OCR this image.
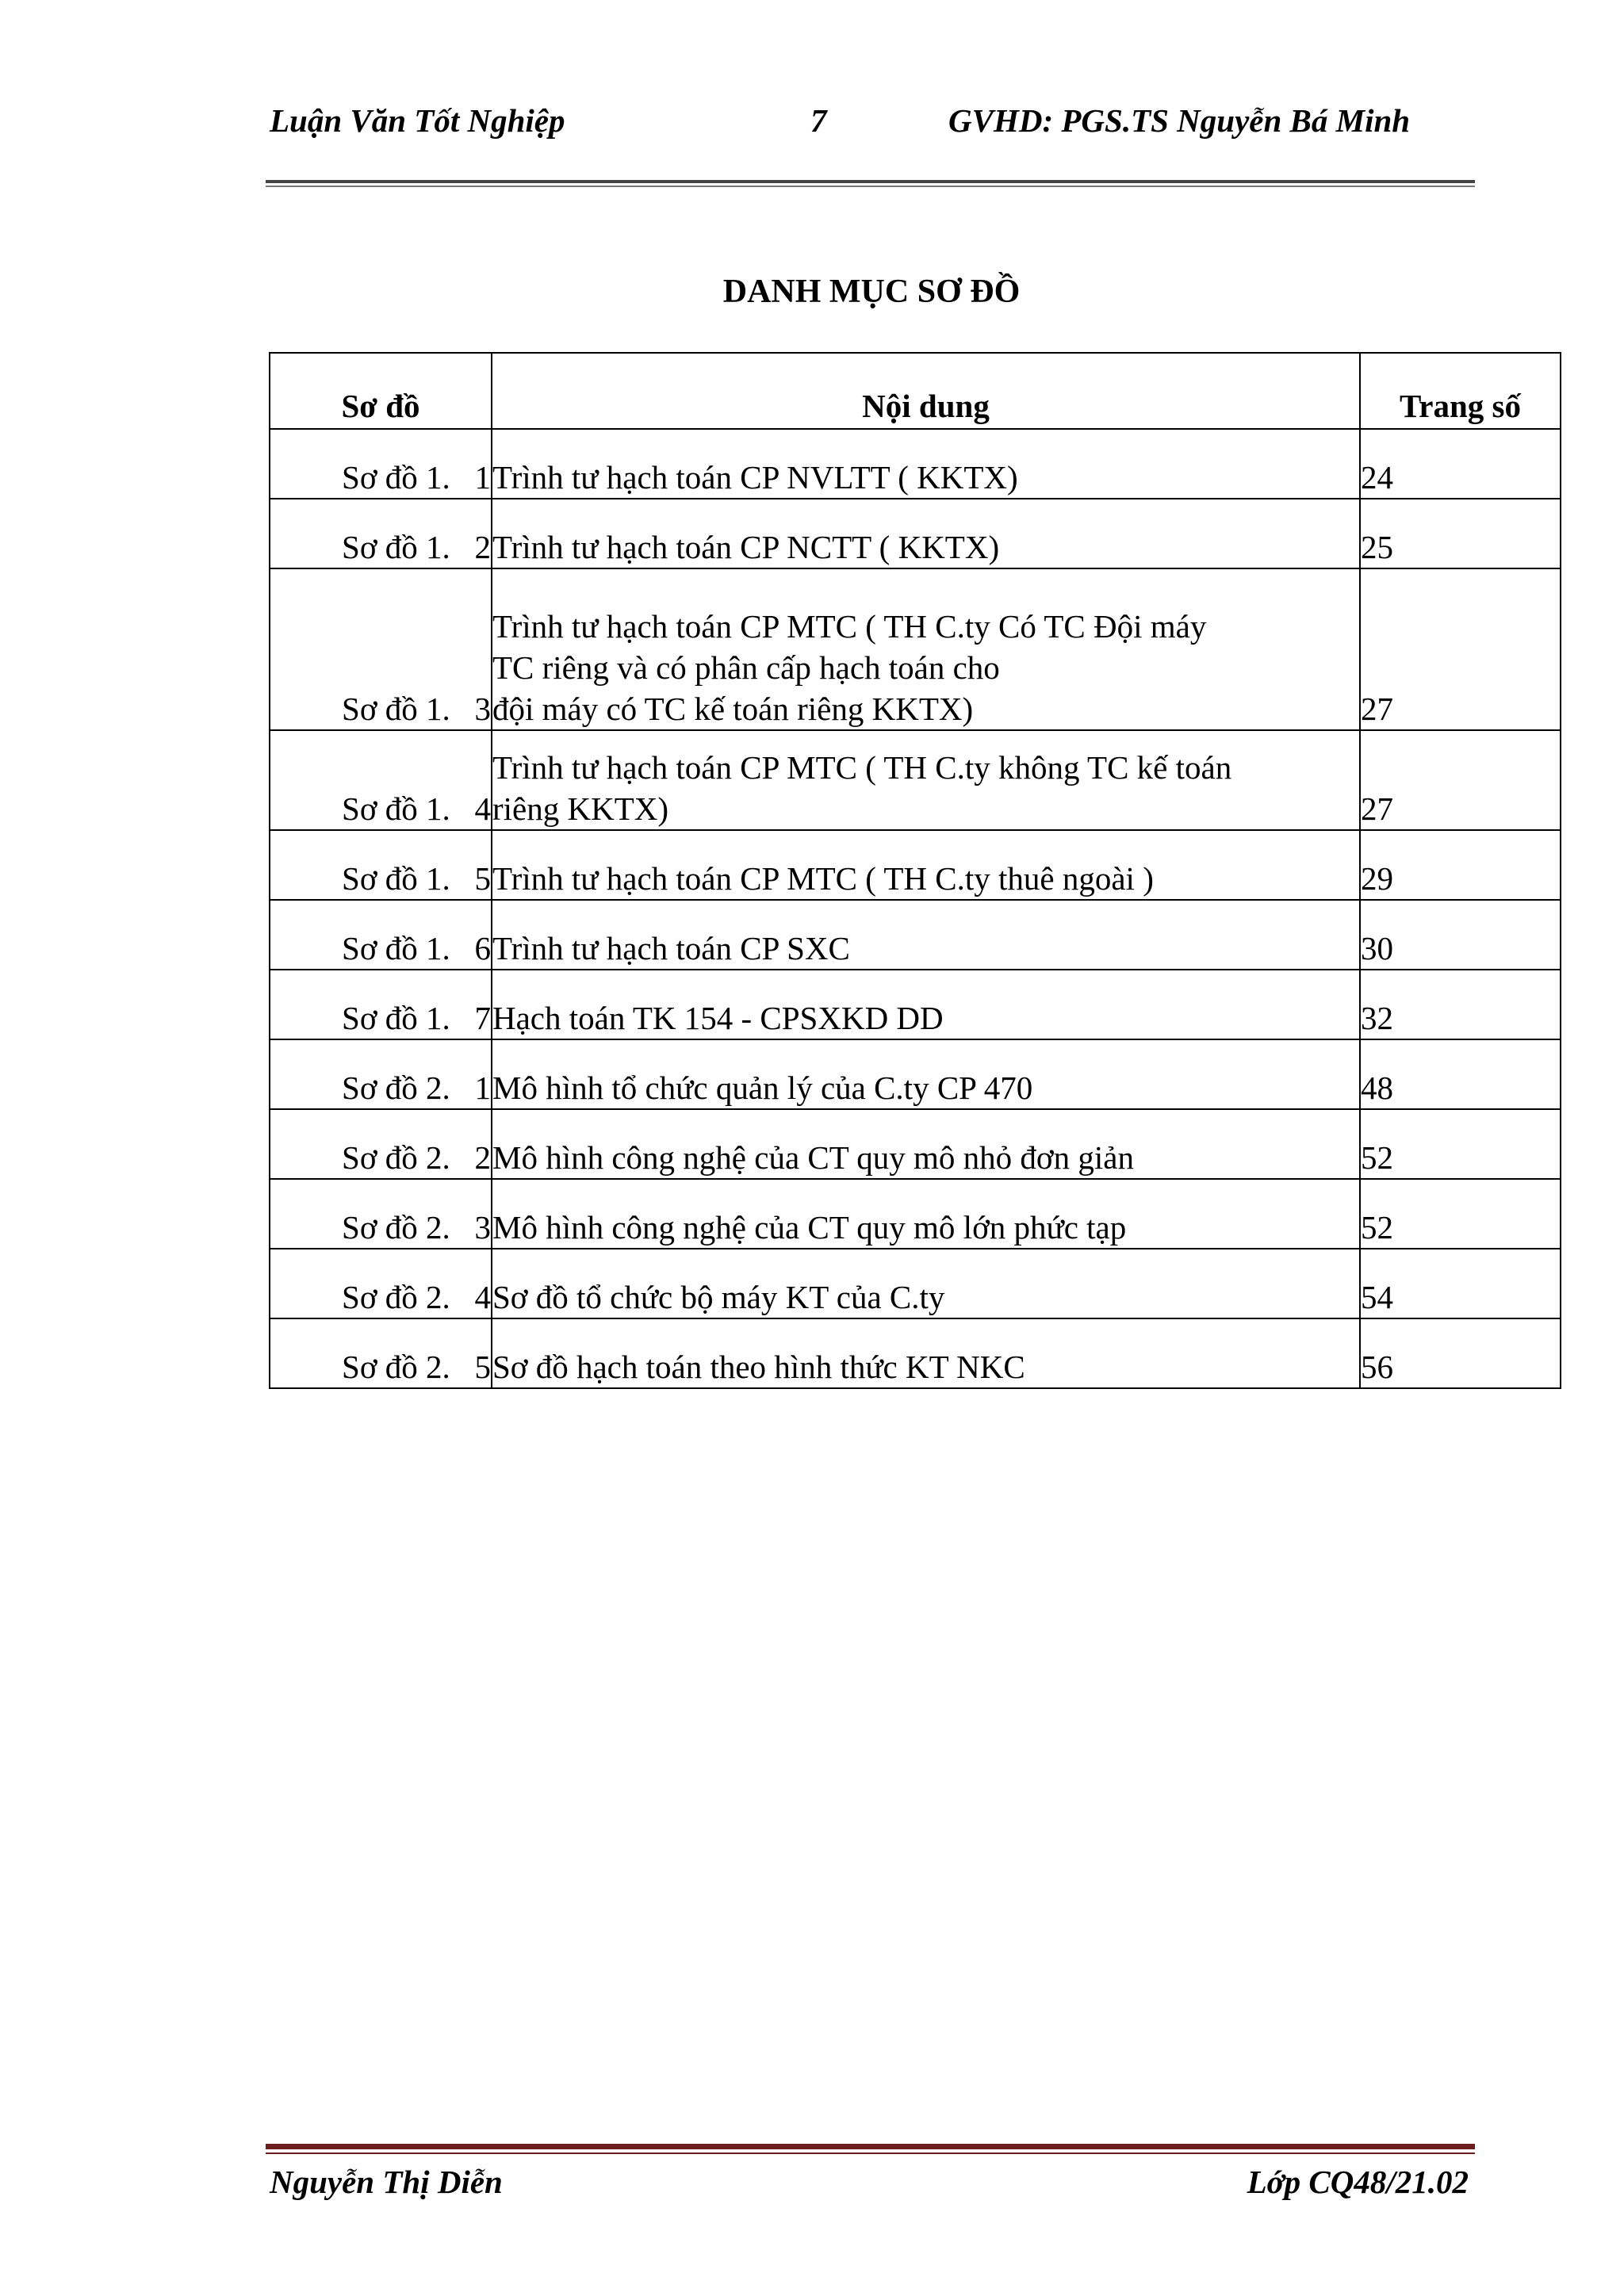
Luận Văn Tốt Nghiệp	7	GVHD: PGS.TS Nguyễn Bá Minh
DANH MỤC SƠ ĐỒ
Sơ đồ	Nội dung	Trang số
Sơ đồ 1.   1	Trình tư hạch toán CP NVLTT ( KKTX)	24
Sơ đồ 1.   2	Trình tư hạch toán CP NCTT ( KKTX)	25
Sơ đồ 1.   3	Trình tư hạch toán CP MTC ( TH C.ty Có TC Đội máy
TC riêng và có phân cấp hạch toán cho
đội máy có TC kế toán riêng KKTX)	27
Sơ đồ 1.   4	Trình tư hạch toán CP MTC ( TH C.ty không TC kế toán
riêng KKTX)	27
Sơ đồ 1.   5	Trình tư hạch toán CP MTC ( TH C.ty thuê ngoài )	29
Sơ đồ 1.   6	Trình tư hạch toán CP SXC	30
Sơ đồ 1.   7	Hạch toán TK 154 - CPSXKD DD	32
Sơ đồ 2.   1	Mô hình tổ chức quản lý của C.ty CP 470	48
Sơ đồ 2.   2	Mô hình công nghệ của CT quy mô nhỏ đơn giản	52
Sơ đồ 2.   3	Mô hình công nghệ của CT quy mô lớn phức tạp	52
Sơ đồ 2.   4	Sơ đồ tổ chức bộ máy KT của C.ty	54
Sơ đồ 2.   5	Sơ đồ hạch toán theo hình thức KT NKC	56
Nguyễn Thị Diễn	Lớp CQ48/21.02
